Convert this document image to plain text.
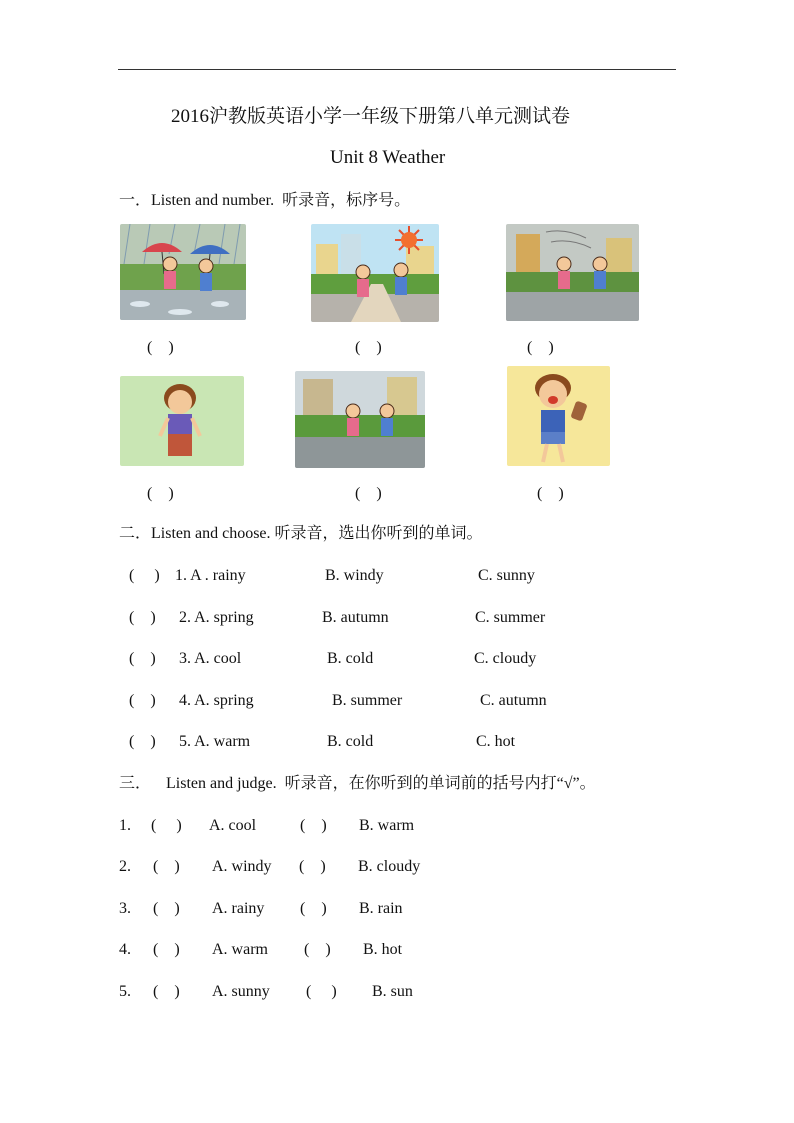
2016沪教版英语小学一年级下册第八单元测试卷
Unit 8 Weather
一．Listen and number.  听录音，标序号。
(    )	(    )	(    )
(    )	(    )	(    )
二．Listen and choose. 听录音，选出你听到的单词。
(     ) 1. A . rainy	B. windy	C. sunny
(    ) 2. A. spring	B. autumn	C. summer
(    ) 3. A. cool	B. cold	C. cloudy
(    ) 4. A. spring	B. summer	C. autumn
(    ) 5. A. warm	B. cold	C. hot
三． Listen and judge.  听录音，在你听到的单词前的括号内打“√”。
1. (     ) A. cool	(    ) B. warm
2. (    ) A. windy (    ) B. cloudy
3. (    ) A. rainy (    ) B. rain
4. (    ) A. warm (    ) B. hot
5. (    ) A. sunny (     ) B. sun
